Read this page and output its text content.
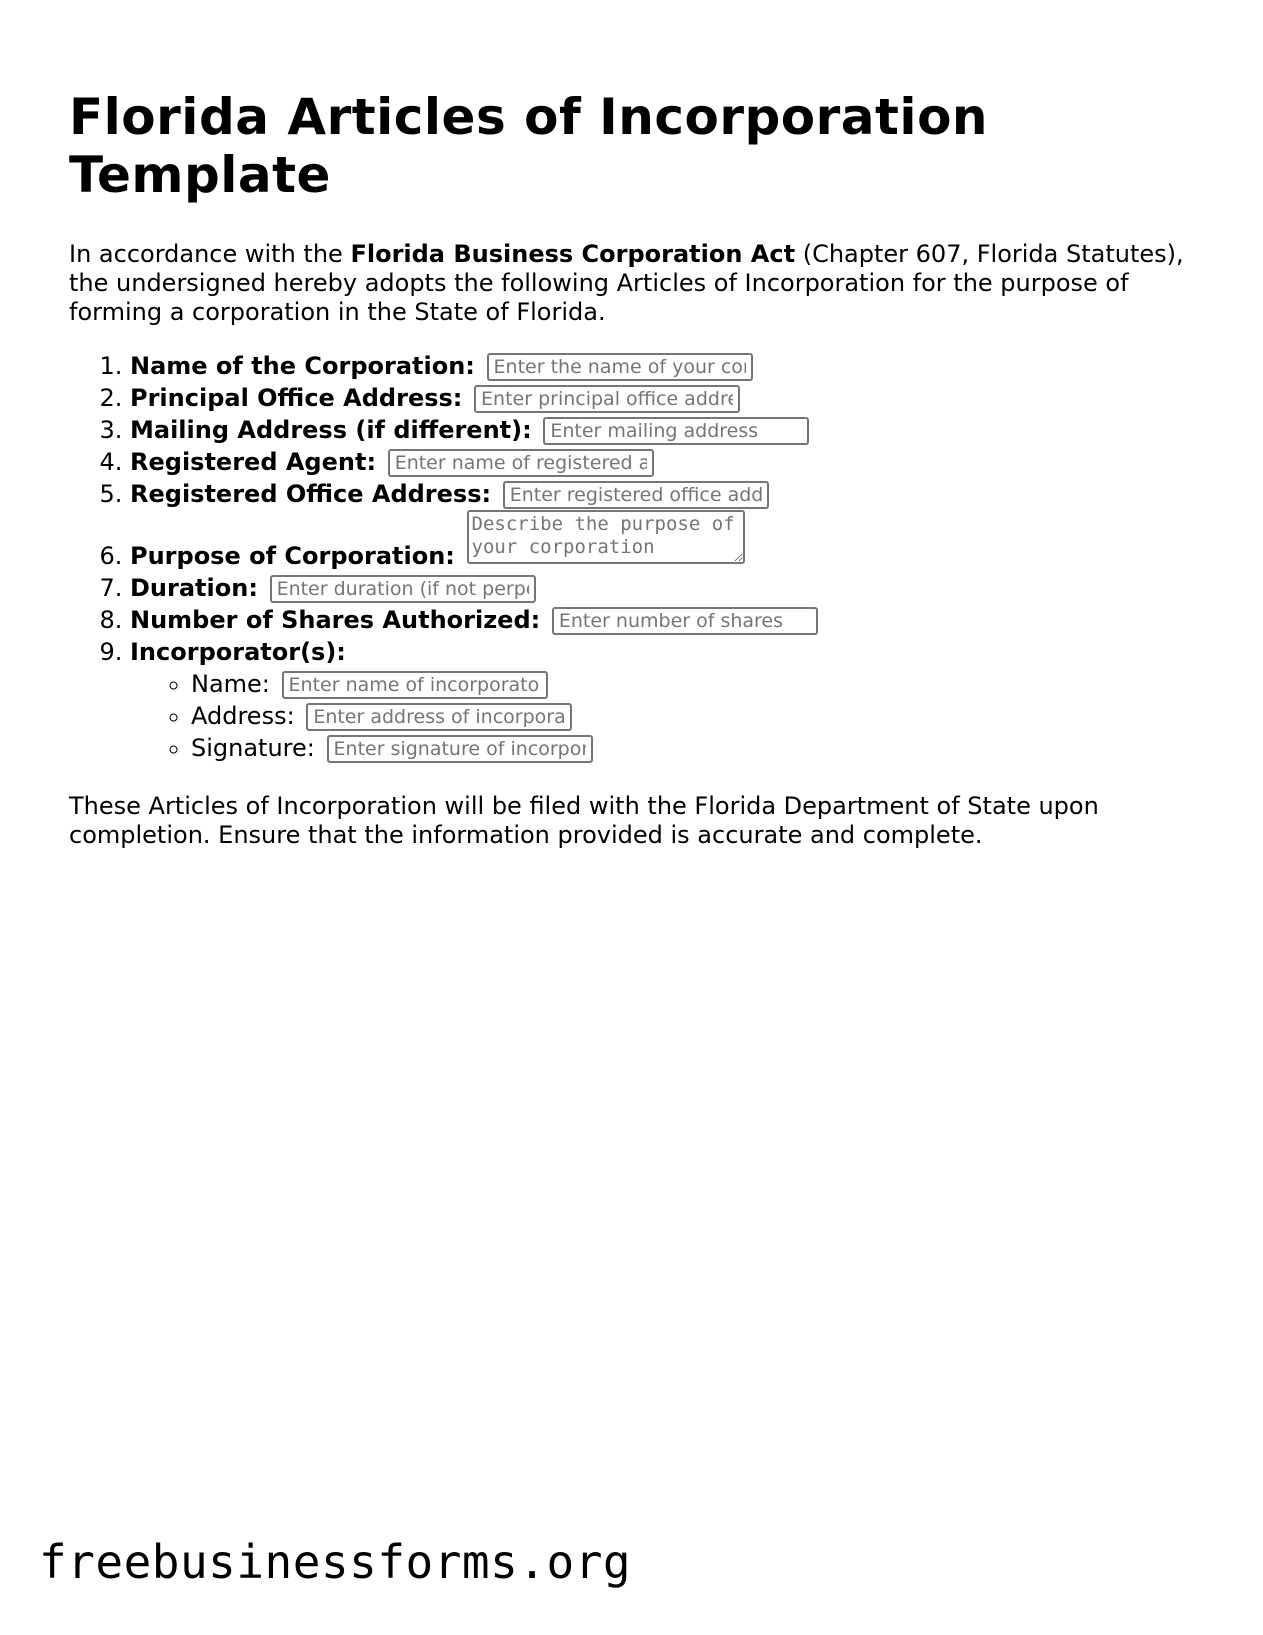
Florida Articles of Incorporation Template

In accordance with the Florida Business Corporation Act (Chapter 607, Florida Statutes), the undersigned hereby adopts the following Articles of Incorporation for the purpose of forming a corporation in the State of Florida.

1. Name of the Corporation: Enter the name of your corporation
2. Principal Office Address: Enter principal office address
3. Mailing Address (if different): Enter mailing address
4. Registered Agent: Enter name of registered agent
5. Registered Office Address: Enter registered office address
6. Purpose of Corporation: Describe the purpose of your corporation
7. Duration: Enter duration (if not perpetual)
8. Number of Shares Authorized: Enter number of shares
9. Incorporator(s):
◦ Name: Enter name of incorporator
◦ Address: Enter address of incorporator
◦ Signature: Enter signature of incorporator

These Articles of Incorporation will be filed with the Florida Department of State upon completion. Ensure that the information provided is accurate and complete.

freebusinessforms.org
